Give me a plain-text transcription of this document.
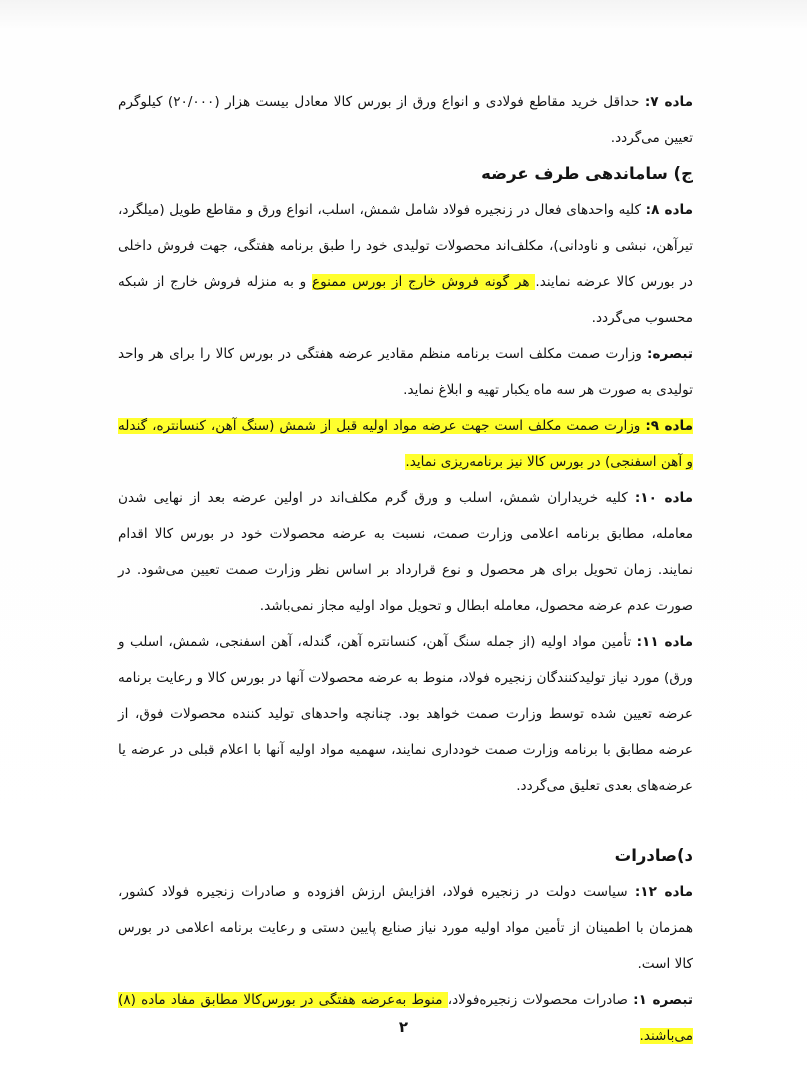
ماده ۷: حداقل خرید مقاطع فولادی و انواع ورق از بورس کالا معادل بیست هزار (۲۰/۰۰۰) کیلوگرم تعیین می‌گردد.

ج) ساماندهی طرف عرضه

ماده ۸: کلیه واحدهای فعال در زنجیره فولاد شامل شمش، اسلب، انواع ورق و مقاطع طویل (میلگرد، تیرآهن، نبشی و ناودانی)، مکلف‌اند محصولات تولیدی خود را طبق برنامه هفتگی، جهت فروش داخلی در بورس کالا عرضه نمایند. هر گونه فروش خارج از بورس ممنوع و به منزله فروش خارج از شبکه محسوب می‌گردد.

تبصره: وزارت صمت مکلف است برنامه منظم مقادیر عرضه هفتگی در بورس کالا را برای هر واحد تولیدی به صورت هر سه ماه یکبار تهیه و ابلاغ نماید.

ماده ۹: وزارت صمت مکلف است جهت عرضه مواد اولیه قبل از شمش (سنگ آهن، کنسانتره، گندله و آهن اسفنجی) در بورس کالا نیز برنامه‌ریزی نماید.

ماده ۱۰: کلیه خریداران شمش، اسلب و ورق گرم مکلف‌اند در اولین عرضه بعد از نهایی شدن معامله، مطابق برنامه اعلامی وزارت صمت، نسبت به عرضه محصولات خود در بورس کالا اقدام نمایند. زمان تحویل برای هر محصول و نوع قرارداد بر اساس نظر وزارت صمت تعیین می‌شود. در صورت عدم عرضه محصول، معامله ابطال و تحویل مواد اولیه مجاز نمی‌باشد.

ماده ۱۱: تأمین مواد اولیه (از جمله سنگ آهن، کنسانتره آهن، گندله، آهن اسفنجی، شمش، اسلب و ورق) مورد نیاز تولیدکنندگان زنجیره فولاد، منوط به عرضه محصولات آنها در بورس کالا و رعایت برنامه عرضه تعیین شده توسط وزارت صمت خواهد بود. چنانچه واحدهای تولید کننده محصولات فوق، از عرضه مطابق با برنامه وزارت صمت خودداری نمایند، سهمیه مواد اولیه آنها با اعلام قبلی در عرضه یا عرضه‌های بعدی تعلیق می‌گردد.

د)صادرات

ماده ۱۲: سیاست دولت در زنجیره فولاد، افزایش ارزش افزوده و صادرات زنجیره فولاد کشور، همزمان با اطمینان از تأمین مواد اولیه مورد نیاز صنایع پایین دستی و رعایت برنامه اعلامی در بورس کالا است.

تبصره ۱: صادرات محصولات زنجیره‌فولاد، منوط به‌عرضه هفتگی در بورس‌کالا مطابق مفاد ماده (۸) می‌باشند.

۲
